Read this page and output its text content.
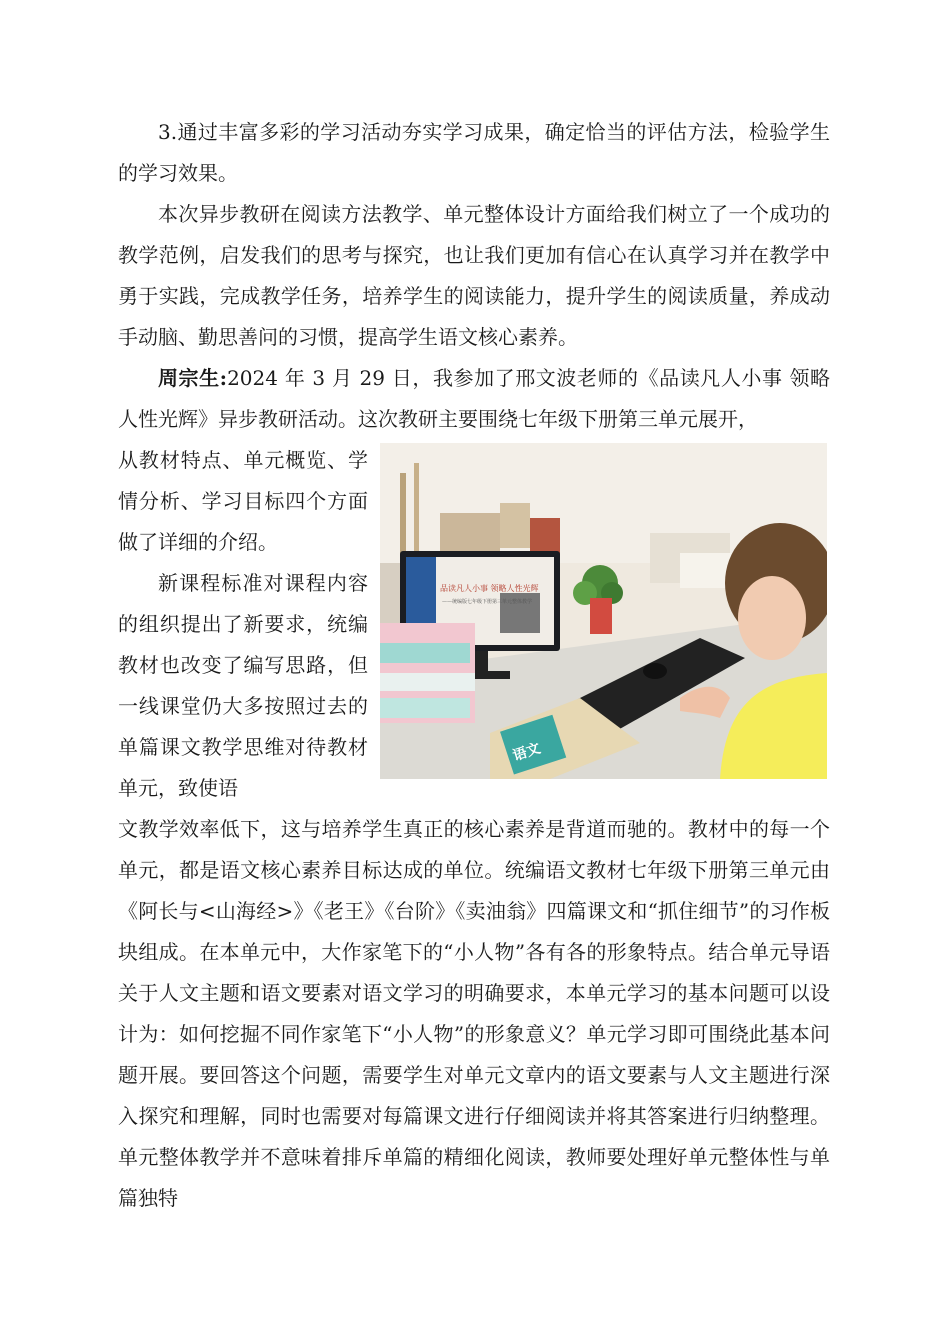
3.通过丰富多彩的学习活动夯实学习成果，确定恰当的评估方法，检验学生的学习效果。

本次异步教研在阅读方法教学、单元整体设计方面给我们树立了一个成功的教学范例，启发我们的思考与探究，也让我们更加有信心在认真学习并在教学中勇于实践，完成教学任务，培养学生的阅读能力，提升学生的阅读质量，养成动手动脑、勤思善问的习惯，提高学生语文核心素养。

周宗生:2024 年 3 月 29 日，我参加了邢文波老师的《品读凡人小事 领略人性光辉》异步教研活动。这次教研主要围绕七年级下册第三单元展开，

从教材特点、单元概览、学情分析、学习目标四个方面做了详细的介绍。

新课程标准对课程内容的组织提出了新要求，统编教材也改变了编写思路，但一线课堂仍大多按照过去的单篇课文教学思维对待教材单元，致使语

品读凡人小事 领略人性光辉
——统编版七年级下册第三单元整体教学
语文

文教学效率低下，这与培养学生真正的核心素养是背道而驰的。教材中的每一个单元，都是语文核心素养目标达成的单位。统编语文教材七年级下册第三单元由《阿长与<山海经>》《老王》《台阶》《卖油翁》四篇课文和“抓住细节”的习作板块组成。在本单元中，大作家笔下的“小人物”各有各的形象特点。结合单元导语关于人文主题和语文要素对语文学习的明确要求，本单元学习的基本问题可以设计为：如何挖掘不同作家笔下“小人物”的形象意义？单元学习即可围绕此基本问题开展。要回答这个问题，需要学生对单元文章内的语文要素与人文主题进行深入探究和理解，同时也需要对每篇课文进行仔细阅读并将其答案进行归纳整理。单元整体教学并不意味着排斥单篇的精细化阅读，教师要处理好单元整体性与单篇独特
